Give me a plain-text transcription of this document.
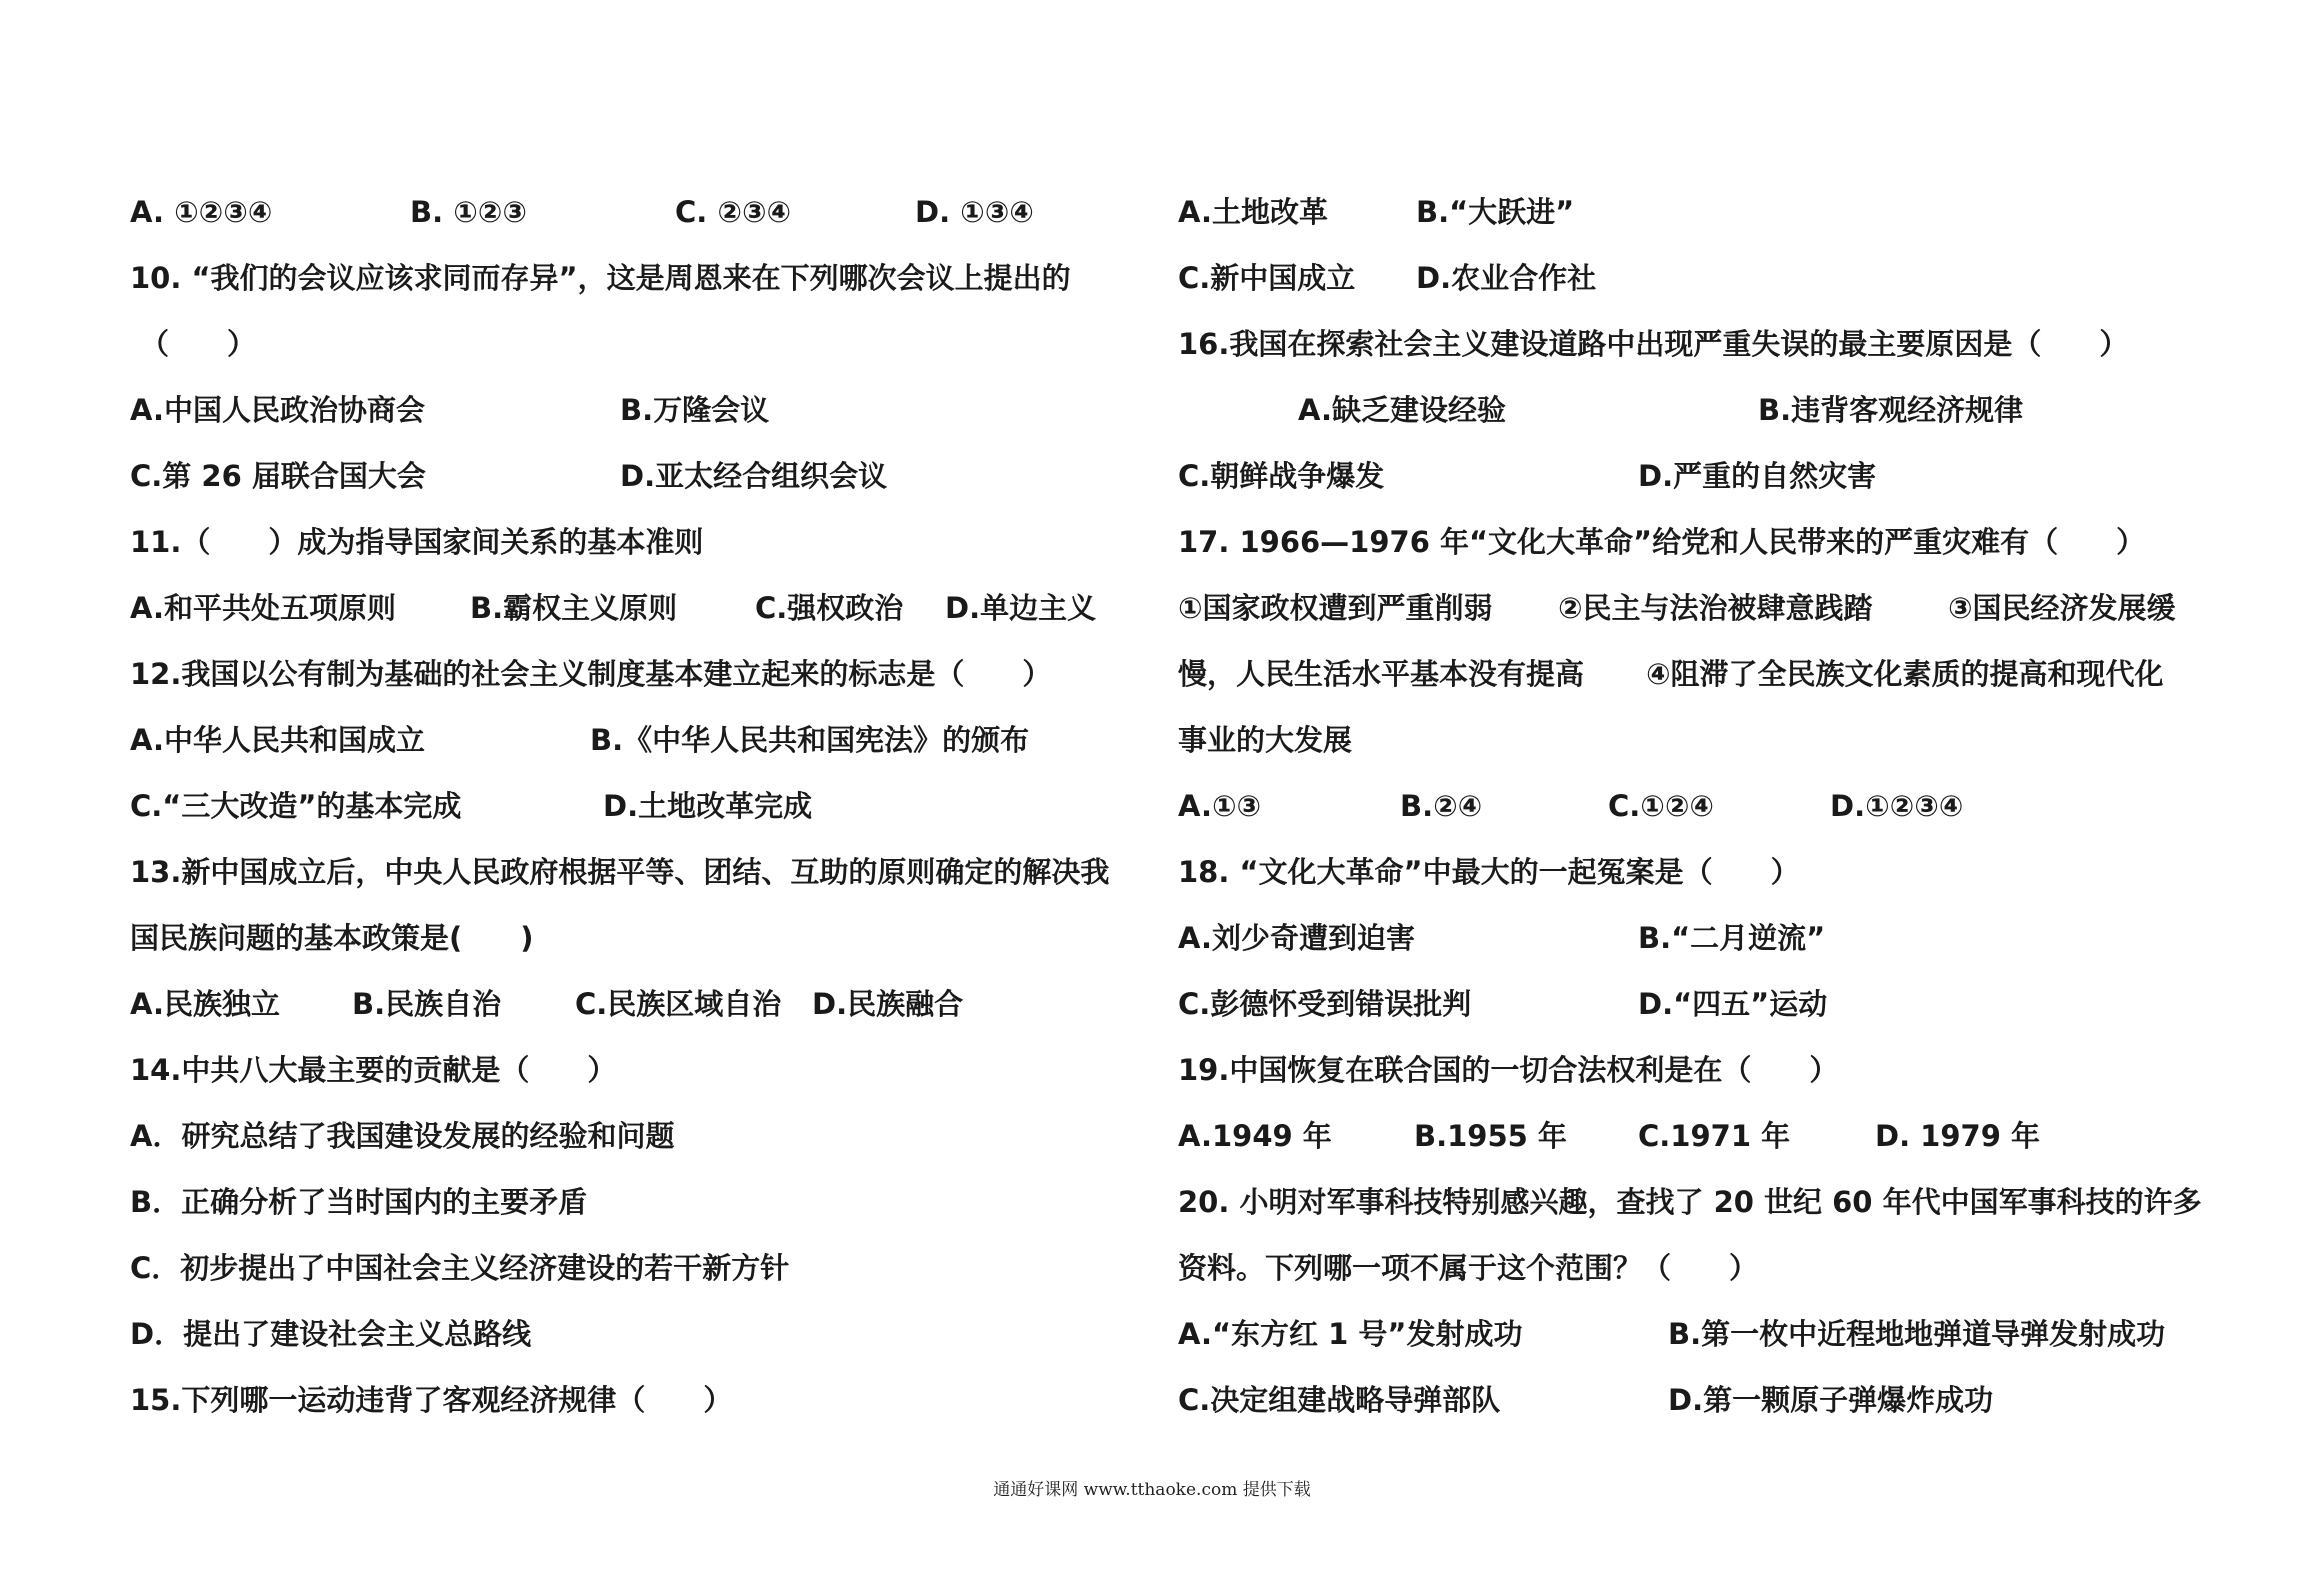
A. ①②③④	B. ①②③	C. ②③④	D. ①③④
10. “我们的会议应该求同而存异”，这是周恩来在下列哪次会议上提出的
（　　）
A.中国人民政治协商会	B.万隆会议
C.第 26 届联合国大会	D.亚太经合组织会议
11.（　　）成为指导国家间关系的基本准则
A.和平共处五项原则	B.霸权主义原则	C.强权政治 D.单边主义
12.我国以公有制为基础的社会主义制度基本建立起来的标志是（　　）
A.中华人民共和国成立	B.《中华人民共和国宪法》的颁布
C.“三大改造”的基本完成	D.土地改革完成
13.新中国成立后，中央人民政府根据平等、团结、互助的原则确定的解决我
国民族问题的基本政策是(　　)
A.民族独立 B.民族自治	C.民族区域自治 D.民族融合
14.中共八大最主要的贡献是（　　）
A．研究总结了我国建设发展的经验和问题
B．正确分析了当时国内的主要矛盾
C．初步提出了中国社会主义经济建设的若干新方针
D．提出了建设社会主义总路线
15.下列哪一运动违背了客观经济规律（　　）
A.土地改革	B.“大跃进”
C.新中国成立 D.农业合作社
16.我国在探索社会主义建设道路中出现严重失误的最主要原因是（　　）
A.缺乏建设经验	B.违背客观经济规律
C.朝鲜战争爆发	D.严重的自然灾害
17. 1966—1976 年“文化大革命”给党和人民带来的严重灾难有（　　）
①国家政权遭到严重削弱 ②民主与法治被肆意践踏	③国民经济发展缓
慢，人民生活水平基本没有提高 ④阻滞了全民族文化素质的提高和现代化
事业的大发展
A.①③	B.②④	C.①②④	D.①②③④
18. “文化大革命”中最大的一起冤案是（　　）
A.刘少奇遭到迫害	B.“二月逆流”
C.彭德怀受到错误批判	D.“四五”运动
19.中国恢复在联合国的一切合法权利是在（　　）
A.1949 年	B.1955 年 C.1971 年	D. 1979 年
20. 小明对军事科技特别感兴趣，查找了 20 世纪 60 年代中国军事科技的许多
资料。下列哪一项不属于这个范围？（　　）
A.“东方红 1 号”发射成功	B.第一枚中近程地地弹道导弹发射成功
C.决定组建战略导弹部队	D.第一颗原子弹爆炸成功
通通好课网 www.tthaoke.com 提供下载
